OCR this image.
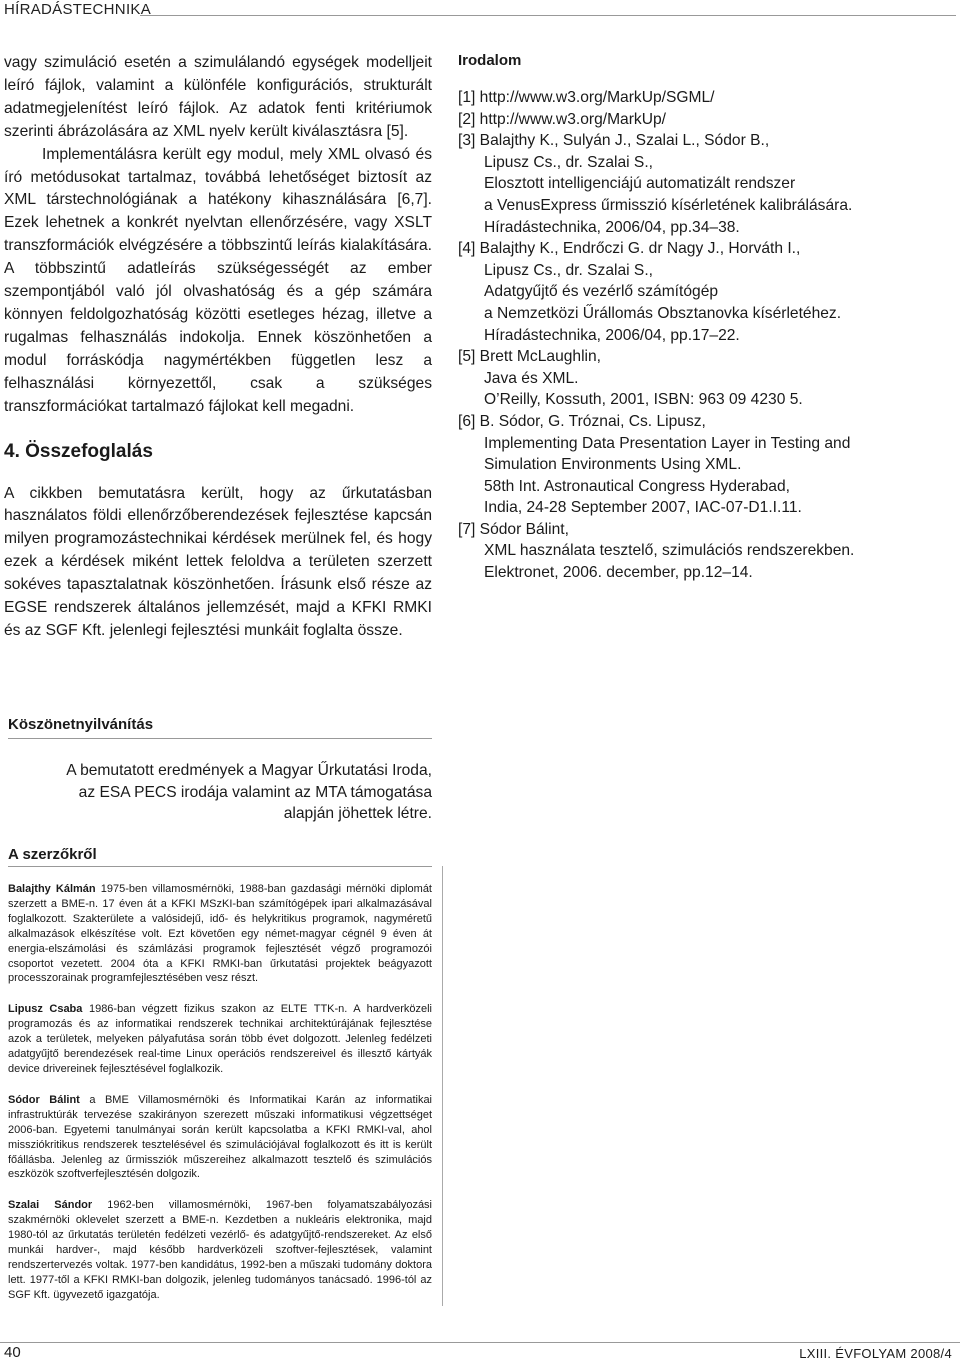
HÍRADÁSTECHNIKA

vagy szimuláció esetén a szimulálandó egységek modelljeit leíró fájlok, valamint a különféle konfigurációs, strukturált adatmegjelenítést leíró fájlok. Az adatok fenti kritériumok szerinti ábrázolására az XML nyelv került kiválasztásra [5].

Implementálásra került egy modul, mely XML olvasó és író metódusokat tartalmaz, továbbá lehetőséget biztosít az XML társtechnológiának a hatékony kihasználására [6,7]. Ezek lehetnek a konkrét nyelvtan ellenőrzésére, vagy XSLT transzformációk elvégzésére a többszintű leírás kialakítására. A többszintű adatleírás szükségességét az ember szempontjából való jól olvashatóság és a gép számára könnyen feldolgozhatóság közötti esetleges hézag, illetve a rugalmas felhasználás indokolja. Ennek köszönhetően a modul forráskódja nagymértékben független lesz a felhasználási környezettől, csak a szükséges transzformációkat tartalmazó fájlokat kell megadni.

4. Összefoglalás

A cikkben bemutatásra került, hogy az űrkutatásban használatos földi ellenőrzőberendezések fejlesztése kapcsán milyen programozástechnikai kérdések merülnek fel, és hogy ezek a kérdések miként lettek feloldva a területen szerzett sokéves tapasztalatnak köszönhetően. Írásunk első része az EGSE rendszerek általános jellemzését, majd a KFKI RMKI és az SGF Kft. jelenlegi fejlesztési munkáit foglalta össze.

Irodalom
[1] http://www.w3.org/MarkUp/SGML/
[2] http://www.w3.org/MarkUp/
[3] Balajthy K., Sulyán J., Szalai L., Sódor B.,
Lipusz Cs., dr. Szalai S.,
Elosztott intelligenciájú automatizált rendszer
a VenusExpress űrmisszió kísérletének kalibrálására.
Híradástechnika, 2006/04, pp.34–38.
[4] Balajthy K., Endrőczi G. dr Nagy J., Horváth I.,
Lipusz Cs., dr. Szalai S.,
Adatgyűjtő és vezérlő számítógép
a Nemzetközi Űrállomás Obsztanovka kísérletéhez.
Híradástechnika, 2006/04, pp.17–22.
[5] Brett McLaughlin,
Java és XML.
O’Reilly, Kossuth, 2001, ISBN: 963 09 4230 5.
[6] B. Sódor, G. Tróznai, Cs. Lipusz,
Implementing Data Presentation Layer in Testing and
Simulation Environments Using XML.
58th Int. Astronautical Congress Hyderabad,
India, 24-28 September 2007, IAC-07-D1.I.11.
[7] Sódor Bálint,
XML használata tesztelő, szimulációs rendszerekben.
Elektronet, 2006. december, pp.12–14.
Köszönetnyilvánítás

A bemutatott eredmények a Magyar Űrkutatási Iroda,
az ESA PECS irodája valamint az MTA támogatása
alapján jöhettek létre.

A szerzőkről

Balajthy Kálmán 1975-ben villamosmérnöki, 1988-ban gazdasági mérnöki diplomát szerzett a BME-n. 17 éven át a KFKI MSzKI-ban számítógépek ipari alkalmazásával foglalkozott. Szakterülete a valósidejű, idő- és helykritikus programok, nagyméretű alkalmazások elkészítése volt. Ezt követően egy német-magyar cégnél 9 éven át energia-elszámolási és számlázási programok fejlesztését végző programozói csoportot vezetett. 2004 óta a KFKI RMKI-ban űrkutatási projektek beágyazott processzorainak programfejlesztésében vesz részt.

Lipusz Csaba 1986-ban végzett fizikus szakon az ELTE TTK-n. A hardverközeli programozás és az informatikai rendszerek technikai architektúrájának fejlesztése azok a területek, melyeken pályafutása során több évet dolgozott. Jelenleg fedélzeti adatgyűjtő berendezések real-time Linux operációs rendszereivel és illesztő kártyák device drivereinek fejlesztésével foglalkozik.

Sódor Bálint a BME Villamosmérnöki és Informatikai Karán az informatikai infrastruktúrák tervezése szakirányon szerezett műszaki informatikusi végzettséget 2006-ban. Egyetemi tanulmányai során került kapcsolatba a KFKI RMKI-val, ahol missziókritikus rendszerek tesztelésével és szimulációjával foglalkozott és itt is került főállásba. Jelenleg az űrmissziók műszereihez alkalmazott tesztelő és szimulációs eszközök szoftverfejlesztésén dolgozik.

Szalai Sándor 1962-ben villamosmérnöki, 1967-ben folyamatszabályozási szakmérnöki oklevelet szerzett a BME-n. Kezdetben a nukleáris elektronika, majd 1980-tól az űrkutatás területén fedélzeti vezérlő- és adatgyűjtő-rendszereket. Az első munkái hardver-, majd később hardverközeli szoftver-fejlesztések, valamint rendszertervezés voltak. 1977-ben kandidátus, 1992-ben a műszaki tudomány doktora lett. 1977-től a KFKI RMKI-ban dolgozik, jelenleg tudományos tanácsadó. 1996-tól az SGF Kft. ügyvezető igazgatója.

40	LXIII. ÉVFOLYAM 2008/4
